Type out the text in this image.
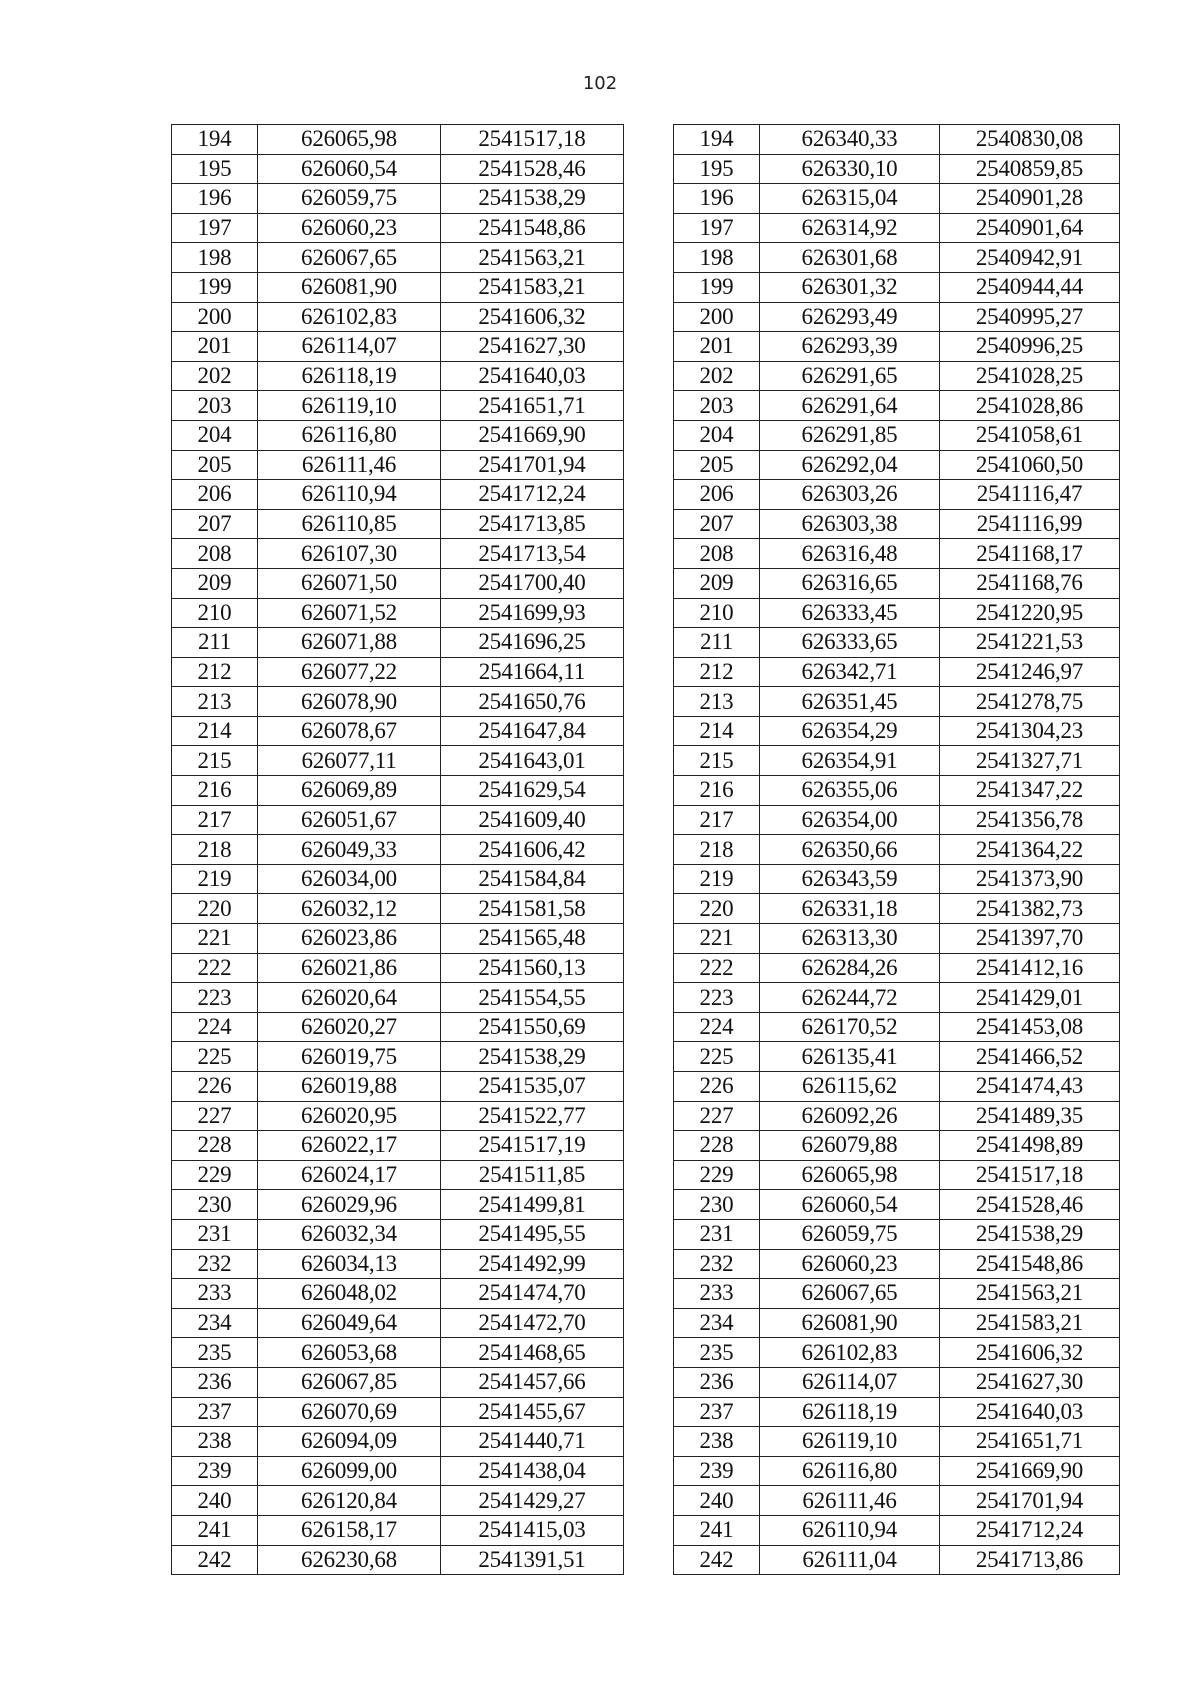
102
194	626065,98	2541517,18		194	626340,33	2540830,08
195	626060,54	2541528,46		195	626330,10	2540859,85
196	626059,75	2541538,29		196	626315,04	2540901,28
197	626060,23	2541548,86		197	626314,92	2540901,64
198	626067,65	2541563,21		198	626301,68	2540942,91
199	626081,90	2541583,21		199	626301,32	2540944,44
200	626102,83	2541606,32		200	626293,49	2540995,27
201	626114,07	2541627,30		201	626293,39	2540996,25
202	626118,19	2541640,03		202	626291,65	2541028,25
203	626119,10	2541651,71		203	626291,64	2541028,86
204	626116,80	2541669,90		204	626291,85	2541058,61
205	626111,46	2541701,94		205	626292,04	2541060,50
206	626110,94	2541712,24		206	626303,26	2541116,47
207	626110,85	2541713,85		207	626303,38	2541116,99
208	626107,30	2541713,54		208	626316,48	2541168,17
209	626071,50	2541700,40		209	626316,65	2541168,76
210	626071,52	2541699,93		210	626333,45	2541220,95
211	626071,88	2541696,25		211	626333,65	2541221,53
212	626077,22	2541664,11		212	626342,71	2541246,97
213	626078,90	2541650,76		213	626351,45	2541278,75
214	626078,67	2541647,84		214	626354,29	2541304,23
215	626077,11	2541643,01		215	626354,91	2541327,71
216	626069,89	2541629,54		216	626355,06	2541347,22
217	626051,67	2541609,40		217	626354,00	2541356,78
218	626049,33	2541606,42		218	626350,66	2541364,22
219	626034,00	2541584,84		219	626343,59	2541373,90
220	626032,12	2541581,58		220	626331,18	2541382,73
221	626023,86	2541565,48		221	626313,30	2541397,70
222	626021,86	2541560,13		222	626284,26	2541412,16
223	626020,64	2541554,55		223	626244,72	2541429,01
224	626020,27	2541550,69		224	626170,52	2541453,08
225	626019,75	2541538,29		225	626135,41	2541466,52
226	626019,88	2541535,07		226	626115,62	2541474,43
227	626020,95	2541522,77		227	626092,26	2541489,35
228	626022,17	2541517,19		228	626079,88	2541498,89
229	626024,17	2541511,85		229	626065,98	2541517,18
230	626029,96	2541499,81		230	626060,54	2541528,46
231	626032,34	2541495,55		231	626059,75	2541538,29
232	626034,13	2541492,99		232	626060,23	2541548,86
233	626048,02	2541474,70		233	626067,65	2541563,21
234	626049,64	2541472,70		234	626081,90	2541583,21
235	626053,68	2541468,65		235	626102,83	2541606,32
236	626067,85	2541457,66		236	626114,07	2541627,30
237	626070,69	2541455,67		237	626118,19	2541640,03
238	626094,09	2541440,71		238	626119,10	2541651,71
239	626099,00	2541438,04		239	626116,80	2541669,90
240	626120,84	2541429,27		240	626111,46	2541701,94
241	626158,17	2541415,03		241	626110,94	2541712,24
242	626230,68	2541391,51		242	626111,04	2541713,86
